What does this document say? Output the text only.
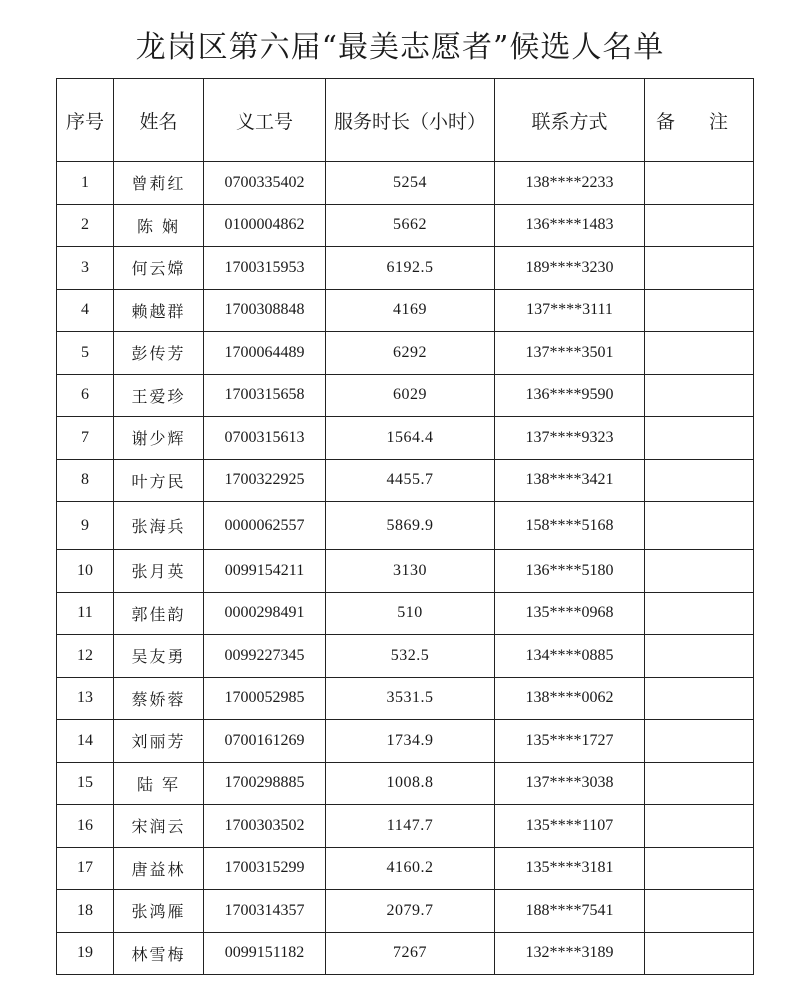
龙岗区第六届“最美志愿者”候选人名单
序号	姓名	义工号	服务时长（小时）	联系方式	备 注
1	曾莉红	0700335402	5254	138****2233	
2	陈 娴	0100004862	5662	136****1483	
3	何云嫦	1700315953	6192.5	189****3230	
4	赖越群	1700308848	4169	137****3111	
5	彭传芳	1700064489	6292	137****3501	
6	王爱珍	1700315658	6029	136****9590	
7	谢少辉	0700315613	1564.4	137****9323	
8	叶方民	1700322925	4455.7	138****3421	
9	张海兵	0000062557	5869.9	158****5168	
10	张月英	0099154211	3130	136****5180	
11	郭佳韵	0000298491	510	135****0968	
12	吴友勇	0099227345	532.5	134****0885	
13	蔡娇蓉	1700052985	3531.5	138****0062	
14	刘丽芳	0700161269	1734.9	135****1727	
15	陆 军	1700298885	1008.8	137****3038	
16	宋润云	1700303502	1147.7	135****1107	
17	唐益林	1700315299	4160.2	135****3181	
18	张鸿雁	1700314357	2079.7	188****7541	
19	林雪梅	0099151182	7267	132****3189	
